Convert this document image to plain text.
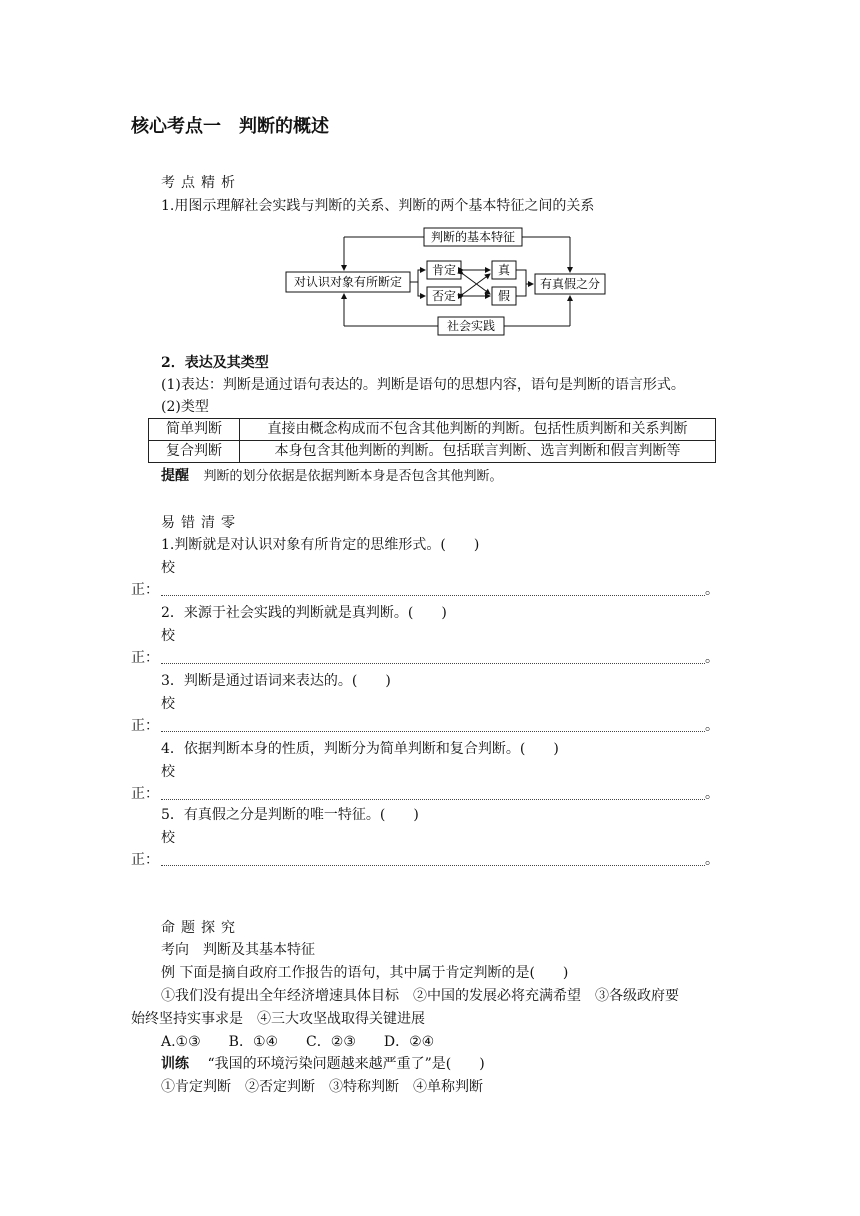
核心考点一　判断的概述
考点精析
1.用图示理解社会实践与判断的关系、判断的两个基本特征之间的关系
判断的基本特征
对认识对象有所断定
肯定
否定
真
假
有真假之分
社会实践
2．表达及其类型
(1)表达：判断是通过语句表达的。判断是语句的思想内容，语句是判断的语言形式。
(2)类型
简单判断	直接由概念构成而不包含其他判断的判断。包括性质判断和关系判断
复合判断	本身包含其他判断的判断。包括联言判断、选言判断和假言判断等
提醒 判断的划分依据是依据判断本身是否包含其他判断。
易错清零
1.判断就是对认识对象有所肯定的思维形式。(　　)
校
正：	。
2．来源于社会实践的判断就是真判断。(　　)
校
正：	。
3．判断是通过语词来表达的。(　　)
校
正：	。
4．依据判断本身的性质，判断分为简单判断和复合判断。(　　)
校
正：	。
5．有真假之分是判断的唯一特征。(　　)
校
正：	。
命题探究
考向　判断及其基本特征
例 下面是摘自政府工作报告的语句，其中属于肯定判断的是(　　)
①我们没有提出全年经济增速具体目标　②中国的发展必将充满希望　③各级政府要
始终坚持实事求是　④三大攻坚战取得关键进展
A.①③　　B．①④　　C．②③　　D．②④
训练 “我国的环境污染问题越来越严重了”是(　　)
①肯定判断　②否定判断　③特称判断　④单称判断
